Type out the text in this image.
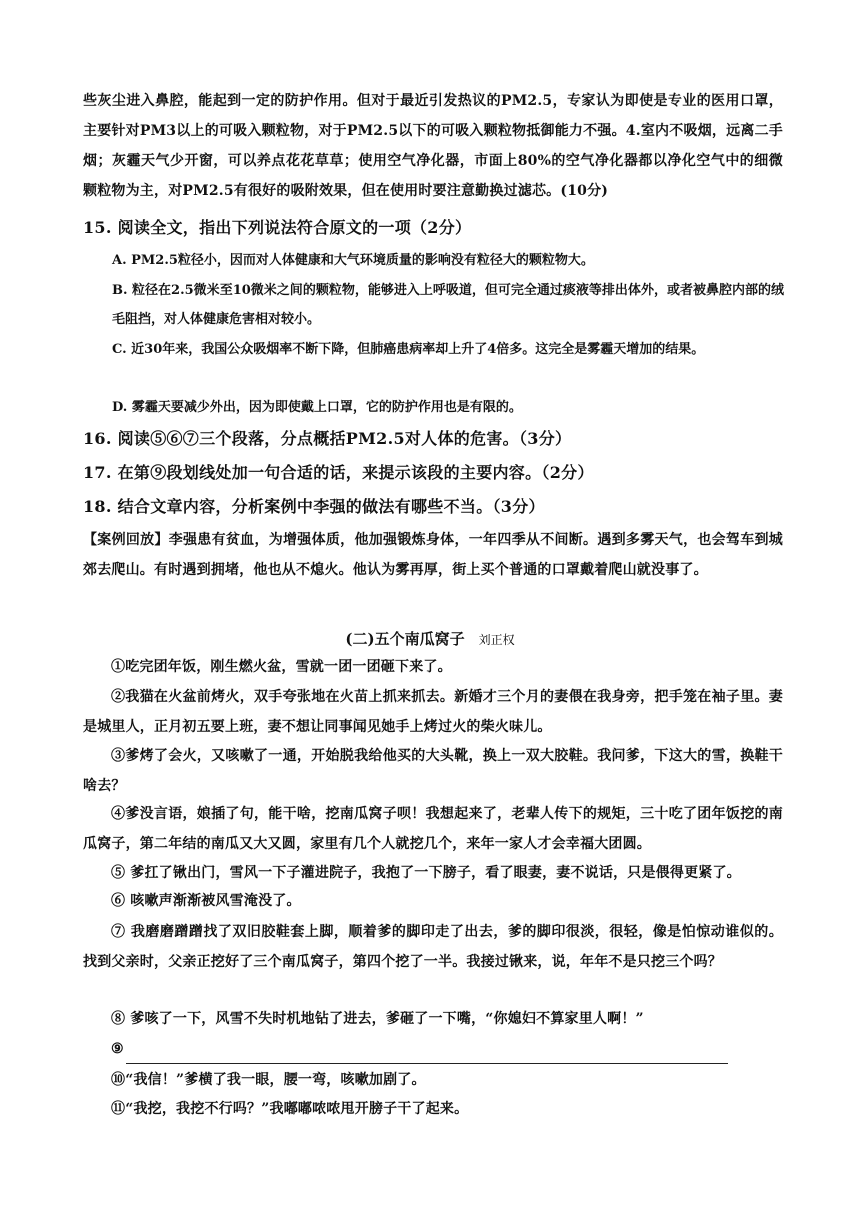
些灰尘进入鼻腔，能起到一定的防护作用。但对于最近引发热议的PM2.5，专家认为即使是专业的医用口罩，主要针对PM3以上的可吸入颗粒物，对于PM2.5以下的可吸入颗粒物抵御能力不强。4.室内不吸烟，远离二手烟；灰霾天气少开窗，可以养点花花草草；使用空气净化器，市面上80%的空气净化器都以净化空气中的细微颗粒物为主，对PM2.5有很好的吸附效果，但在使用时要注意勤换过滤芯。(10分)
15. 阅读全文，指出下列说法符合原文的一项（2分）
A. PM2.5粒径小，因而对人体健康和大气环境质量的影响没有粒径大的颗粒物大。
B. 粒径在2.5微米至10微米之间的颗粒物，能够进入上呼吸道，但可完全通过痰液等排出体外，或者被鼻腔内部的绒毛阻挡，对人体健康危害相对较小。
C. 近30年来，我国公众吸烟率不断下降，但肺癌患病率却上升了4倍多。这完全是雾霾天增加的结果。
D. 雾霾天要减少外出，因为即使戴上口罩，它的防护作用也是有限的。
16. 阅读⑤⑥⑦三个段落，分点概括PM2.5对人体的危害。（3分）
17. 在第⑨段划线处加一句合适的话，来提示该段的主要内容。（2分）
18. 结合文章内容，分析案例中李强的做法有哪些不当。（3分）
【案例回放】李强患有贫血，为增强体质，他加强锻炼身体，一年四季从不间断。遇到多雾天气，也会驾车到城郊去爬山。有时遇到拥堵，他也从不熄火。他认为雾再厚，街上买个普通的口罩戴着爬山就没事了。
(二)五个南瓜窝子 刘正权
①吃完团年饭，刚生燃火盆，雪就一团一团砸下来了。
②我猫在火盆前烤火，双手夸张地在火苗上抓来抓去。新婚才三个月的妻偎在我身旁，把手笼在袖子里。妻是城里人，正月初五要上班，妻不想让同事闻见她手上烤过火的柴火味儿。
③爹烤了会火，又咳嗽了一通，开始脱我给他买的大头靴，换上一双大胶鞋。我问爹，下这大的雪，换鞋干啥去？
④爹没言语，娘插了句，能干啥，挖南瓜窝子呗！我想起来了，老辈人传下的规矩，三十吃了团年饭挖的南瓜窝子，第二年结的南瓜又大又圆，家里有几个人就挖几个，来年一家人才会幸福大团圆。
⑤ 爹扛了锹出门，雪风一下子灌进院子，我抱了一下膀子，看了眼妻，妻不说话，只是偎得更紧了。
⑥ 咳嗽声渐渐被风雪淹没了。
⑦ 我磨磨蹭蹭找了双旧胶鞋套上脚，顺着爹的脚印走了出去，爹的脚印很淡，很轻，像是怕惊动谁似的。找到父亲时，父亲正挖好了三个南瓜窝子，第四个挖了一半。我接过锹来，说，年年不是只挖三个吗？
⑧ 爹咳了一下，风雪不失时机地钻了进去，爹砸了一下嘴，“你媳妇不算家里人啊！”
⑨
⑩“我信！”爹横了我一眼，腰一弯，咳嗽加剧了。
⑪“我挖，我挖不行吗？”我嘟嘟哝哝甩开膀子干了起来。
